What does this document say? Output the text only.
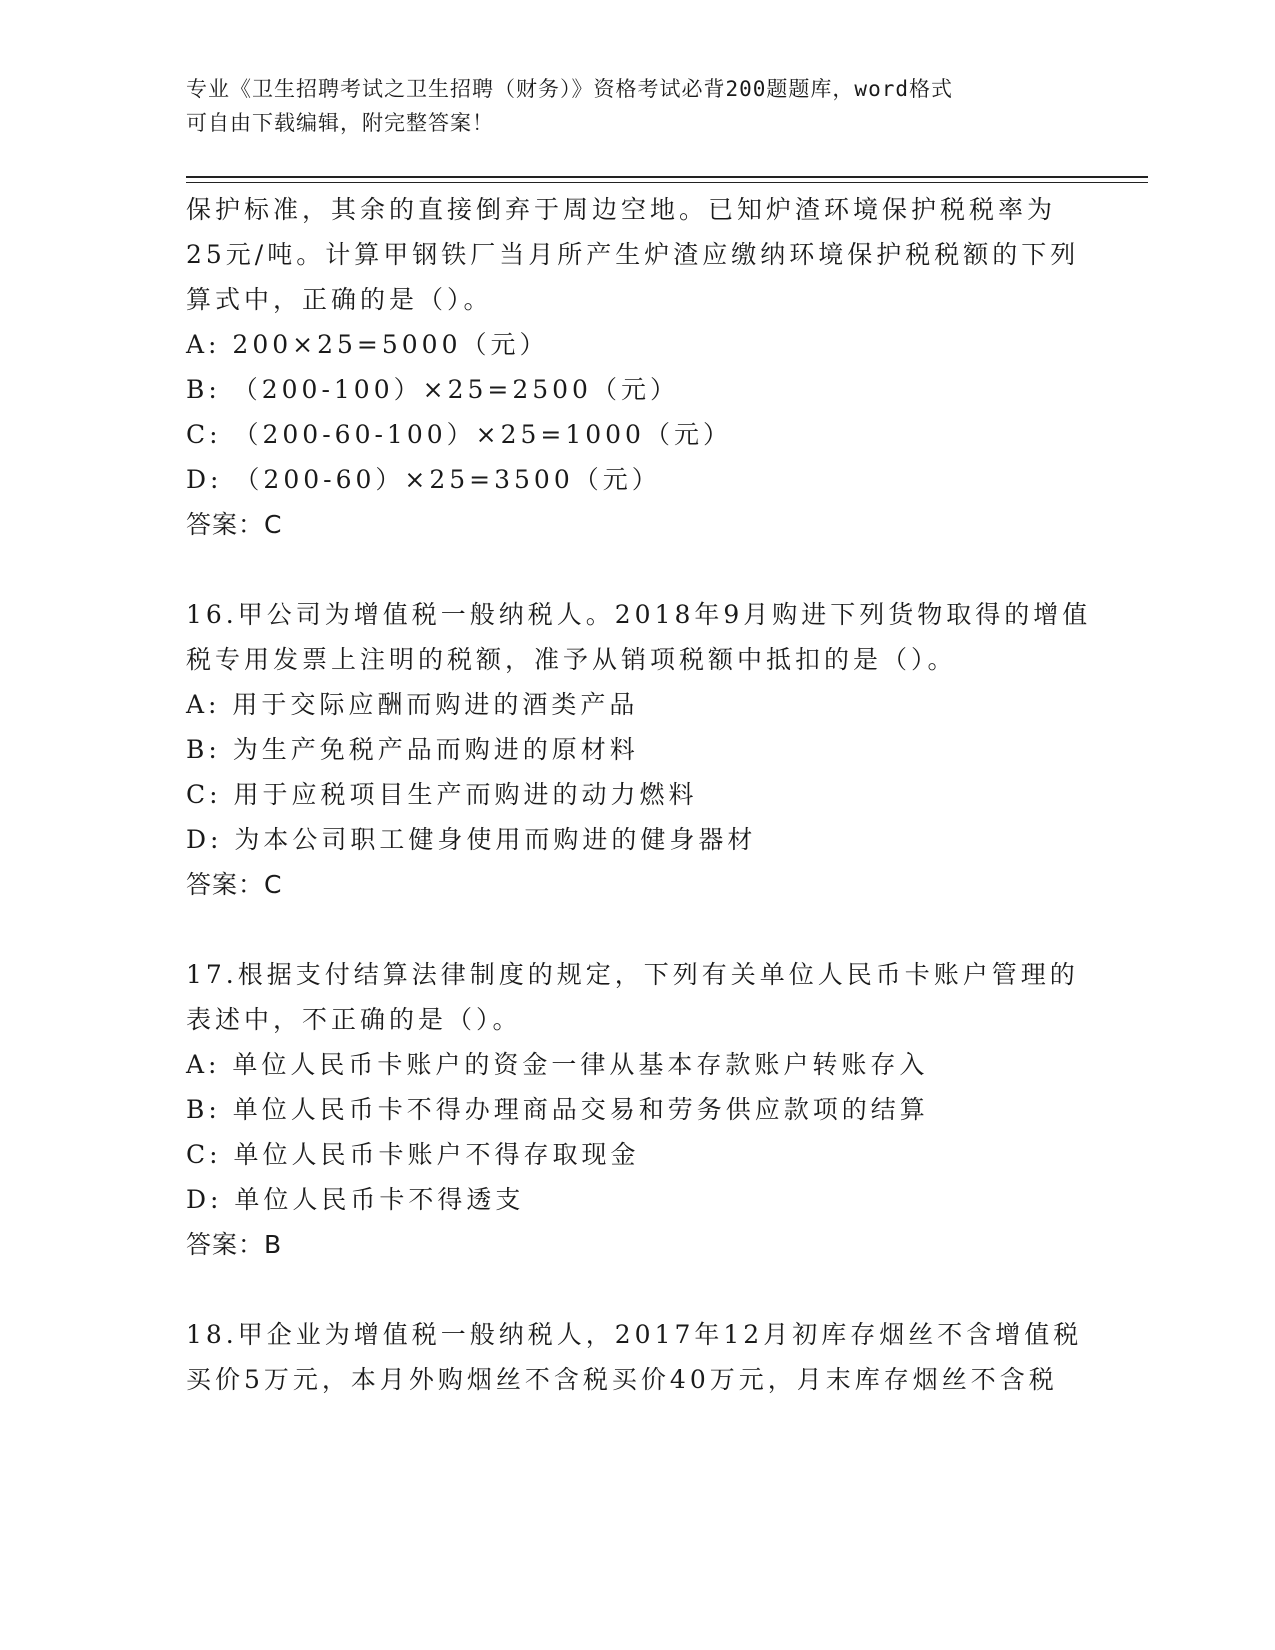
专业《卫生招聘考试之卫生招聘（财务）》资格考试必背200题题库，word格式
可自由下载编辑，附完整答案！
保护标准，其余的直接倒弃于周边空地。已知炉渣环境保护税税率为
25元/吨。计算甲钢铁厂当月所产生炉渣应缴纳环境保护税税额的下列
算式中，正确的是（）。
A: 200×25=5000（元）
B: （200-100）×25=2500（元）
C: （200-60-100）×25=1000（元）
D: （200-60）×25=3500（元）
答案：C
16.甲公司为增值税一般纳税人。2018年9月购进下列货物取得的增值
税专用发票上注明的税额，准予从销项税额中抵扣的是（）。
A: 用于交际应酬而购进的酒类产品
B: 为生产免税产品而购进的原材料
C: 用于应税项目生产而购进的动力燃料
D: 为本公司职工健身使用而购进的健身器材
答案：C
17.根据支付结算法律制度的规定，下列有关单位人民币卡账户管理的
表述中，不正确的是（）。
A: 单位人民币卡账户的资金一律从基本存款账户转账存入
B: 单位人民币卡不得办理商品交易和劳务供应款项的结算
C: 单位人民币卡账户不得存取现金
D: 单位人民币卡不得透支
答案：B
18.甲企业为增值税一般纳税人，2017年12月初库存烟丝不含增值税
买价5万元，本月外购烟丝不含税买价40万元，月末库存烟丝不含税
